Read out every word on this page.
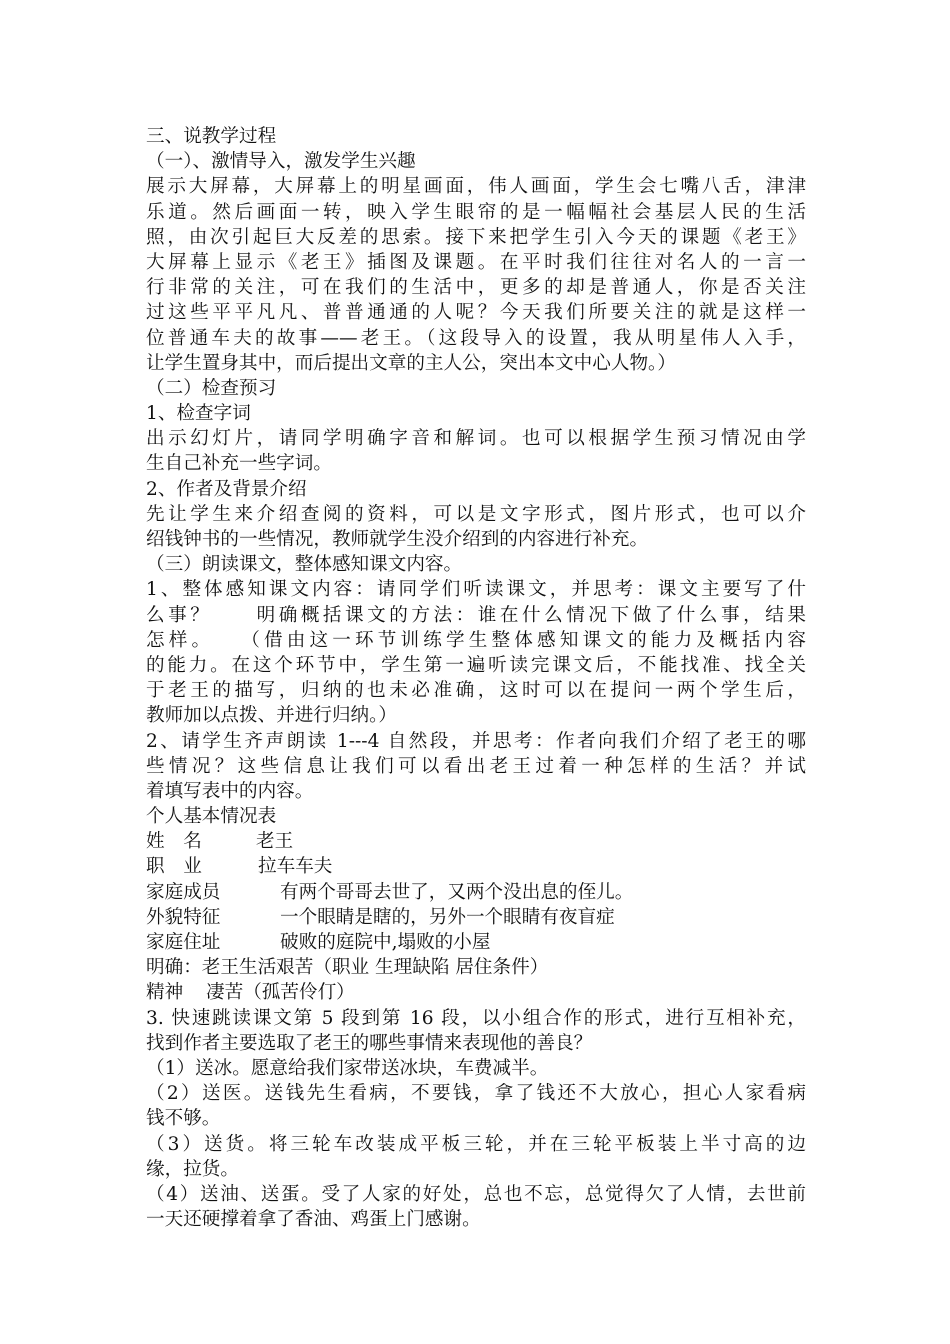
三、说教学过程
（一）、激情导入，激发学生兴趣
展示大屏幕，大屏幕上的明星画面，伟人画面，学生会七嘴八舌，津津
乐道。然后画面一转，映入学生眼帘的是一幅幅社会基层人民的生活
照，由次引起巨大反差的思索。接下来把学生引入今天的课题《老王》
大屏幕上显示《老王》插图及课题。在平时我们往往对名人的一言一
行非常的关注，可在我们的生活中，更多的却是普通人，你是否关注
过这些平平凡凡、普普通通的人呢？今天我们所要关注的就是这样一
位普通车夫的故事——老王。（这段导入的设置，我从明星伟人入手，
让学生置身其中，而后提出文章的主人公，突出本文中心人物。）
（二）检查预习
1、检查字词
出示幻灯片，请同学明确字音和解词。也可以根据学生预习情况由学
生自己补充一些字词。
2、作者及背景介绍
先让学生来介绍查阅的资料，可以是文字形式，图片形式，也可以介
绍钱钟书的一些情况，教师就学生没介绍到的内容进行补充。
（三）朗读课文，整体感知课文内容。
1、整体感知课文内容：请同学们听读课文，并思考：课文主要写了什
么事？　　明确概括课文的方法：谁在什么情况下做了什么事，结果
怎样。　　（借由这一环节训练学生整体感知课文的能力及概括内容
的能力。在这个环节中，学生第一遍听读完课文后，不能找准、找全关
于老王的描写，归纳的也未必准确，这时可以在提问一两个学生后，
教师加以点拨、并进行归纳。）
2、请学生齐声朗读 1---4 自然段，并思考：作者向我们介绍了老王的哪
些情况？这些信息让我们可以看出老王过着一种怎样的生活？并试
着填写表中的内容。
个人基本情况表
姓　名	老王
职　业	拉车车夫
家庭成员	有两个哥哥去世了，又两个没出息的侄儿。
外貌特征	一个眼睛是瞎的，另外一个眼睛有夜盲症
家庭住址	破败的庭院中,塌败的小屋
明确：老王生活艰苦（职业 生理缺陷 居住条件）
精神 凄苦（孤苦伶仃）
3. 快速跳读课文第 5 段到第 16 段，以小组合作的形式，进行互相补充，
找到作者主要选取了老王的哪些事情来表现他的善良？
（1）送冰。愿意给我们家带送冰块，车费减半。
（2）送医。送钱先生看病，不要钱，拿了钱还不大放心，担心人家看病
钱不够。
（3）送货。将三轮车改装成平板三轮，并在三轮平板装上半寸高的边
缘，拉货。
（4）送油、送蛋。受了人家的好处，总也不忘，总觉得欠了人情，去世前
一天还硬撑着拿了香油、鸡蛋上门感谢。
